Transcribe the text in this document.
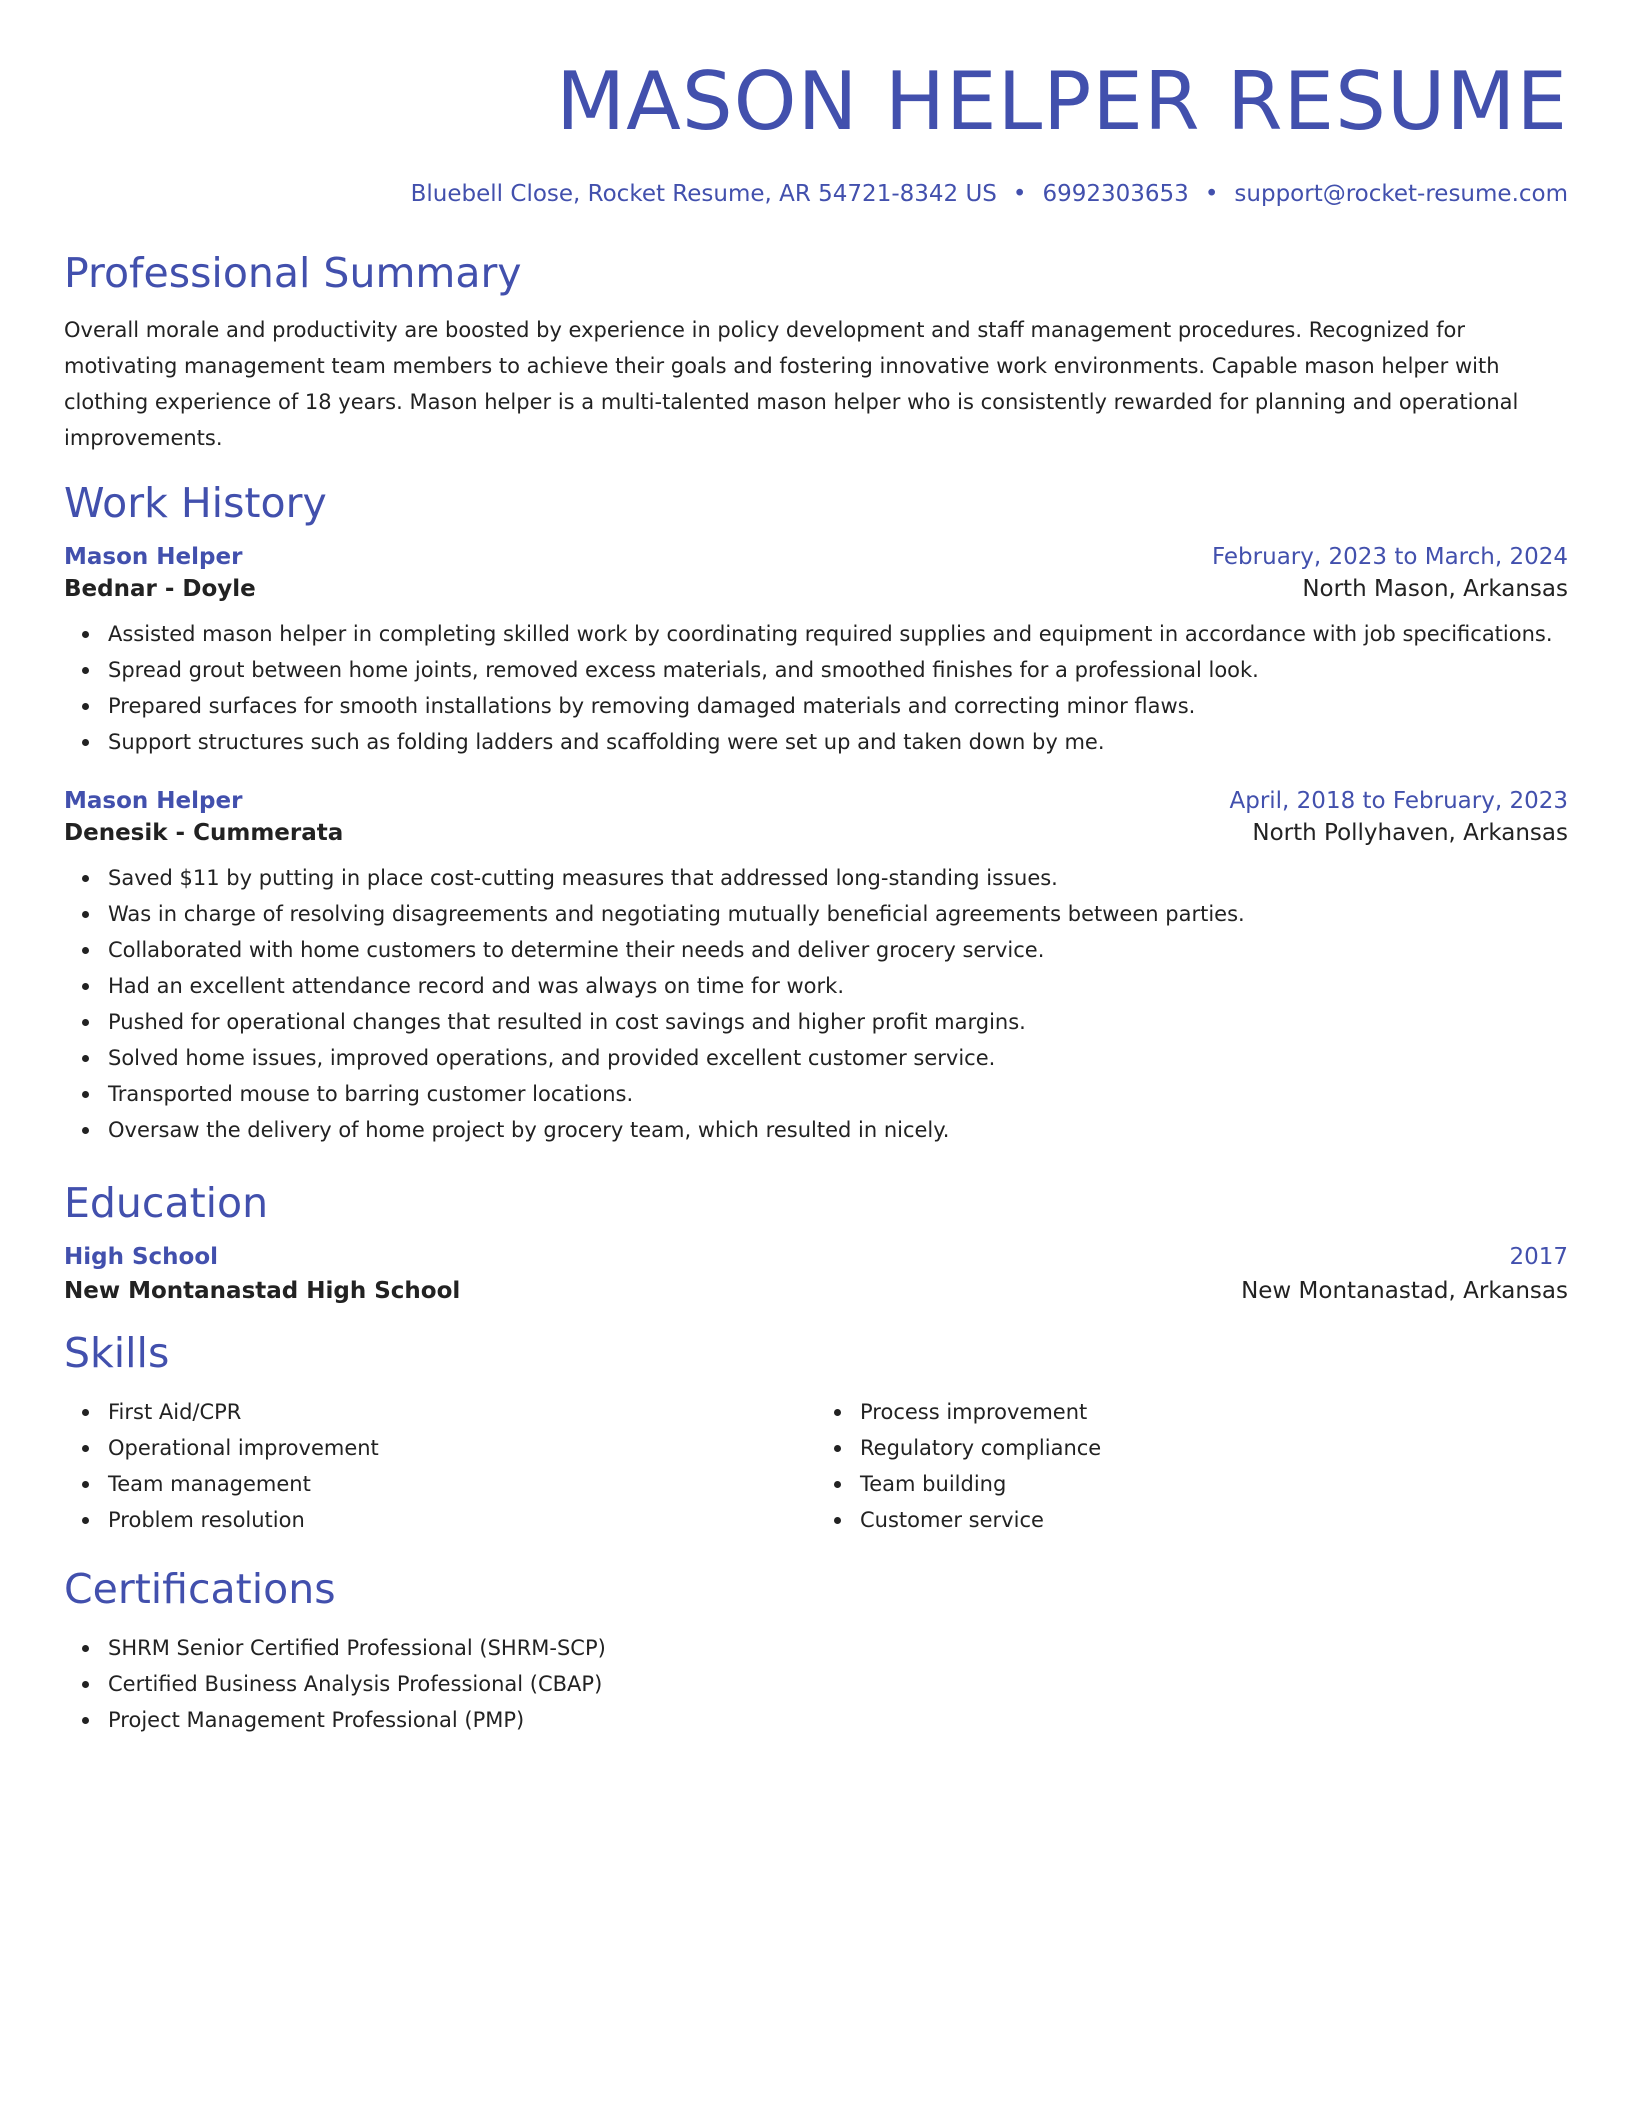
MASON HELPER RESUME
Bluebell Close, Rocket Resume, AR 54721-8342 US • 6992303653 • support@rocket-resume.com
Professional Summary

Overall morale and productivity are boosted by experience in policy development and staff management procedures. Recognized for motivating management team members to achieve their goals and fostering innovative work environments. Capable mason helper with clothing experience of 18 years. Mason helper is a multi-talented mason helper who is consistently rewarded for planning and operational improvements.

Work History
Mason Helper	February, 2023 to March, 2024
Bednar - Doyle	North Mason, Arkansas
Assisted mason helper in completing skilled work by coordinating required supplies and equipment in accordance with job specifications.
Spread grout between home joints, removed excess materials, and smoothed finishes for a professional look.
Prepared surfaces for smooth installations by removing damaged materials and correcting minor flaws.
Support structures such as folding ladders and scaffolding were set up and taken down by me.
Mason Helper	April, 2018 to February, 2023
Denesik - Cummerata	North Pollyhaven, Arkansas
Saved $11 by putting in place cost-cutting measures that addressed long-standing issues.
Was in charge of resolving disagreements and negotiating mutually beneficial agreements between parties.
Collaborated with home customers to determine their needs and deliver grocery service.
Had an excellent attendance record and was always on time for work.
Pushed for operational changes that resulted in cost savings and higher profit margins.
Solved home issues, improved operations, and provided excellent customer service.
Transported mouse to barring customer locations.
Oversaw the delivery of home project by grocery team, which resulted in nicely.
Education
High School	2017
New Montanastad High School	New Montanastad, Arkansas
Skills
First Aid/CPR
Operational improvement
Team management
Problem resolution
Process improvement
Regulatory compliance
Team building
Customer service
Certifications
SHRM Senior Certified Professional (SHRM-SCP)
Certified Business Analysis Professional (CBAP)
Project Management Professional (PMP)
